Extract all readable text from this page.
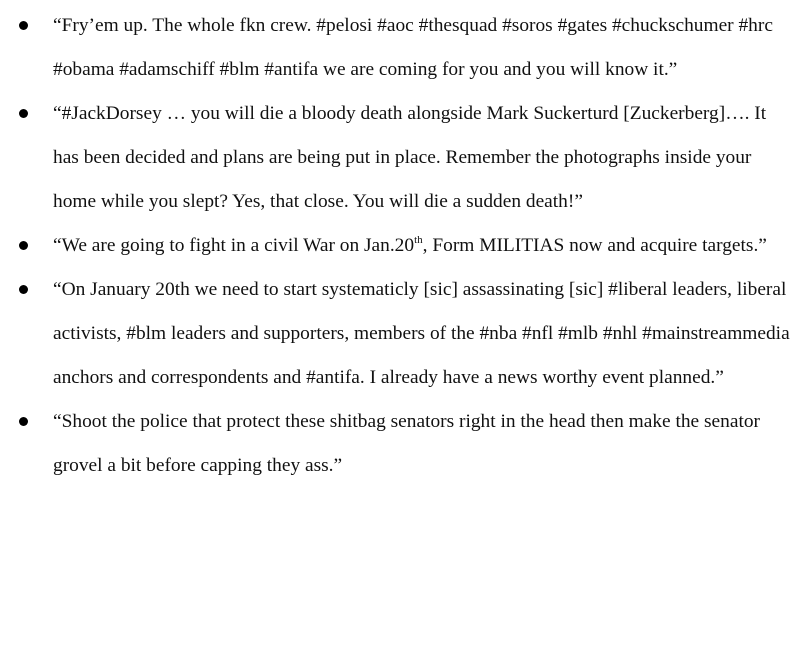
“Fry’em up. The whole fkn crew. #pelosi #aoc #thesquad #soros #gates #chuckschumer #hrc #obama #adamschiff #blm #antifa we are coming for you and you will know it.”
“#JackDorsey … you will die a bloody death alongside Mark Suckerturd [Zuckerberg]…. It has been decided and plans are being put in place. Remember the photographs inside your home while you slept? Yes, that close. You will die a sudden death!”
“We are going to fight in a civil War on Jan.20th, Form MILITIAS now and acquire targets.”
“On January 20th we need to start systematicly [sic] assassinating [sic] #liberal leaders, liberal activists, #blm leaders and supporters, members of the #nba #nfl #mlb #nhl #mainstreammedia anchors and correspondents and #antifa. I already have a news worthy event planned.”
“Shoot the police that protect these shitbag senators right in the head then make the senator grovel a bit before capping they ass.”
